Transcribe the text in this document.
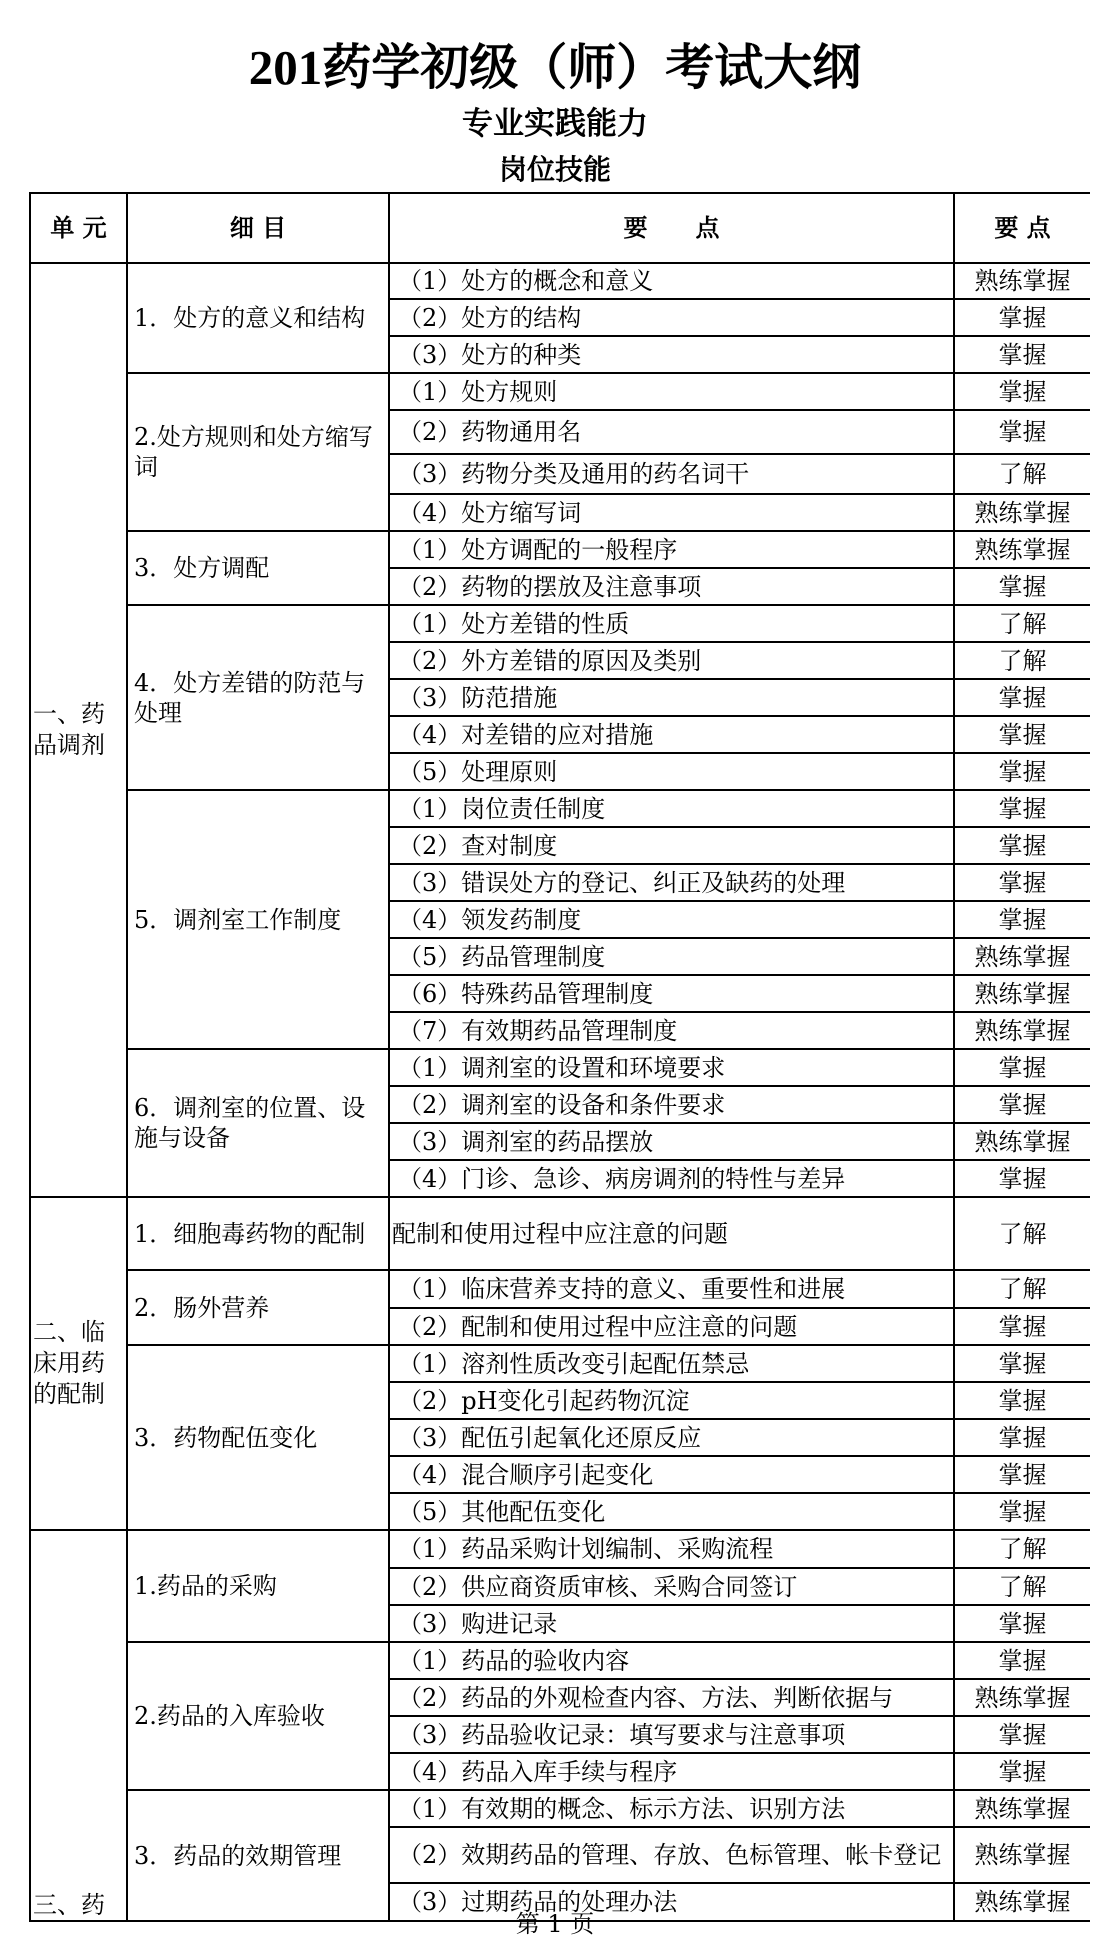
201药学初级（师）考试大纲
专业实践能力
岗位技能
单 元	细 目	要　　点	要 点
一、药品调剂	1．处方的意义和结构	（1）处方的概念和意义	熟练掌握
		（2）处方的结构	掌握
		（3）处方的种类	掌握
	2.处方规则和处方缩写词	（1）处方规则	掌握
		（2）药物通用名	掌握
		（3）药物分类及通用的药名词干	了解
		（4）处方缩写词	熟练掌握
	3．处方调配	（1）处方调配的一般程序	熟练掌握
		（2）药物的摆放及注意事项	掌握
	4．处方差错的防范与处理	（1）处方差错的性质	了解
		（2）外方差错的原因及类别	了解
		（3）防范措施	掌握
		（4）对差错的应对措施	掌握
		（5）处理原则	掌握
	5．调剂室工作制度	（1）岗位责任制度	掌握
		（2）查对制度	掌握
		（3）错误处方的登记、纠正及缺药的处理	掌握
		（4）领发药制度	掌握
		（5）药品管理制度	熟练掌握
		（6）特殊药品管理制度	熟练掌握
		（7）有效期药品管理制度	熟练掌握
	6．调剂室的位置、设施与设备	（1）调剂室的设置和环境要求	掌握
		（2）调剂室的设备和条件要求	掌握
		（3）调剂室的药品摆放	熟练掌握
		（4）门诊、急诊、病房调剂的特性与差异	掌握
二、临床用药的配制	1．细胞毒药物的配制	配制和使用过程中应注意的问题	了解
	2．肠外营养	（1）临床营养支持的意义、重要性和进展	了解
		（2）配制和使用过程中应注意的问题	掌握
	3．药物配伍变化	（1）溶剂性质改变引起配伍禁忌	掌握
		（2）pH变化引起药物沉淀	掌握
		（3）配伍引起氧化还原反应	掌握
		（4）混合顺序引起变化	掌握
		（5）其他配伍变化	掌握
三、药	1.药品的采购	（1）药品采购计划编制、采购流程	了解
		（2）供应商资质审核、采购合同签订	了解
		（3）购进记录	掌握
	2.药品的入库验收	（1）药品的验收内容	掌握
		（2）药品的外观检查内容、方法、判断依据与	熟练掌握
		（3）药品验收记录：填写要求与注意事项	掌握
		（4）药品入库手续与程序	掌握
	3．药品的效期管理	（1）有效期的概念、标示方法、识别方法	熟练掌握
		（2）效期药品的管理、存放、色标管理、帐卡登记	熟练掌握
		（3）过期药品的处理办法	熟练掌握
第 1 页
